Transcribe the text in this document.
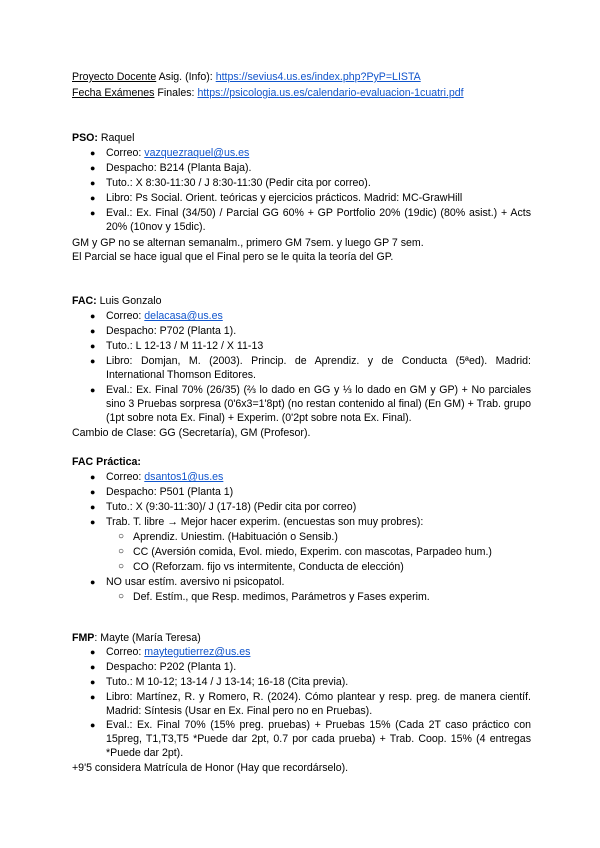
Proyecto Docente Asig. (Info): https://sevius4.us.es/index.php?PyP=LISTA
Fecha Exámenes Finales: https://psicologia.us.es/calendario-evaluacion-1cuatri.pdf
PSO: Raquel
● Correo: vazquezraquel@us.es
● Despacho: B214 (Planta Baja).
● Tuto.: X 8:30-11:30 / J 8:30-11:30 (Pedir cita por correo).
● Libro: Ps Social. Orient. teóricas y ejercicios prácticos. Madrid: MC-GrawHill
● Eval.: Ex. Final (34/50) / Parcial GG 60% + GP Portfolio 20% (19dic) (80% asist.) + Acts 20% (10nov y 15dic).
GM y GP no se alternan semanalm., primero GM 7sem. y luego GP 7 sem.
El Parcial se hace igual que el Final pero se le quita la teoría del GP.
FAC: Luis Gonzalo
● Correo: delacasa@us.es
● Despacho: P702 (Planta 1).
● Tuto.: L 12-13 / M 11-12 / X 11-13
● Libro: Domjan, M. (2003). Princip. de Aprendiz. y de Conducta (5ªed). Madrid: International Thomson Editores.
● Eval.: Ex. Final 70% (26/35) (⅔ lo dado en GG y ⅓ lo dado en GM y GP) + No parciales sino 3 Pruebas sorpresa (0'6x3=1'8pt) (no restan contenido al final) (En GM) + Trab. grupo (1pt sobre nota Ex. Final) + Experim. (0'2pt sobre nota Ex. Final).
Cambio de Clase: GG (Secretaría), GM (Profesor).
FAC Práctica:
● Correo: dsantos1@us.es
● Despacho: P501 (Planta 1)
● Tuto.: X (9:30-11:30)/ J (17-18) (Pedir cita por correo)
● Trab. T. libre → Mejor hacer experim. (encuestas son muy probres):
○ Aprendiz. Uniestim. (Habituación o Sensib.)
○ CC (Aversión comida, Evol. miedo, Experim. con mascotas, Parpadeo hum.)
○ CO (Reforzam. fijo vs intermitente, Conducta de elección)
● NO usar estím. aversivo ni psicopatol.
○ Def. Estím., que Resp. medimos, Parámetros y Fases experim.
FMP: Mayte (María Teresa)
● Correo: maytegutierrez@us.es
● Despacho: P202 (Planta 1).
● Tuto.: M 10-12; 13-14 / J 13-14; 16-18 (Cita previa).
● Libro: Martínez, R. y Romero, R. (2024). Cómo plantear y resp. preg. de manera científ. Madrid: Síntesis (Usar en Ex. Final pero no en Pruebas).
● Eval.: Ex. Final 70% (15% preg. pruebas) + Pruebas 15% (Cada 2T caso práctico con 15preg, T1,T3,T5 *Puede dar 2pt, 0.7 por cada prueba) + Trab. Coop. 15% (4 entregas *Puede dar 2pt).
+9'5 considera Matrícula de Honor (Hay que recordárselo).
